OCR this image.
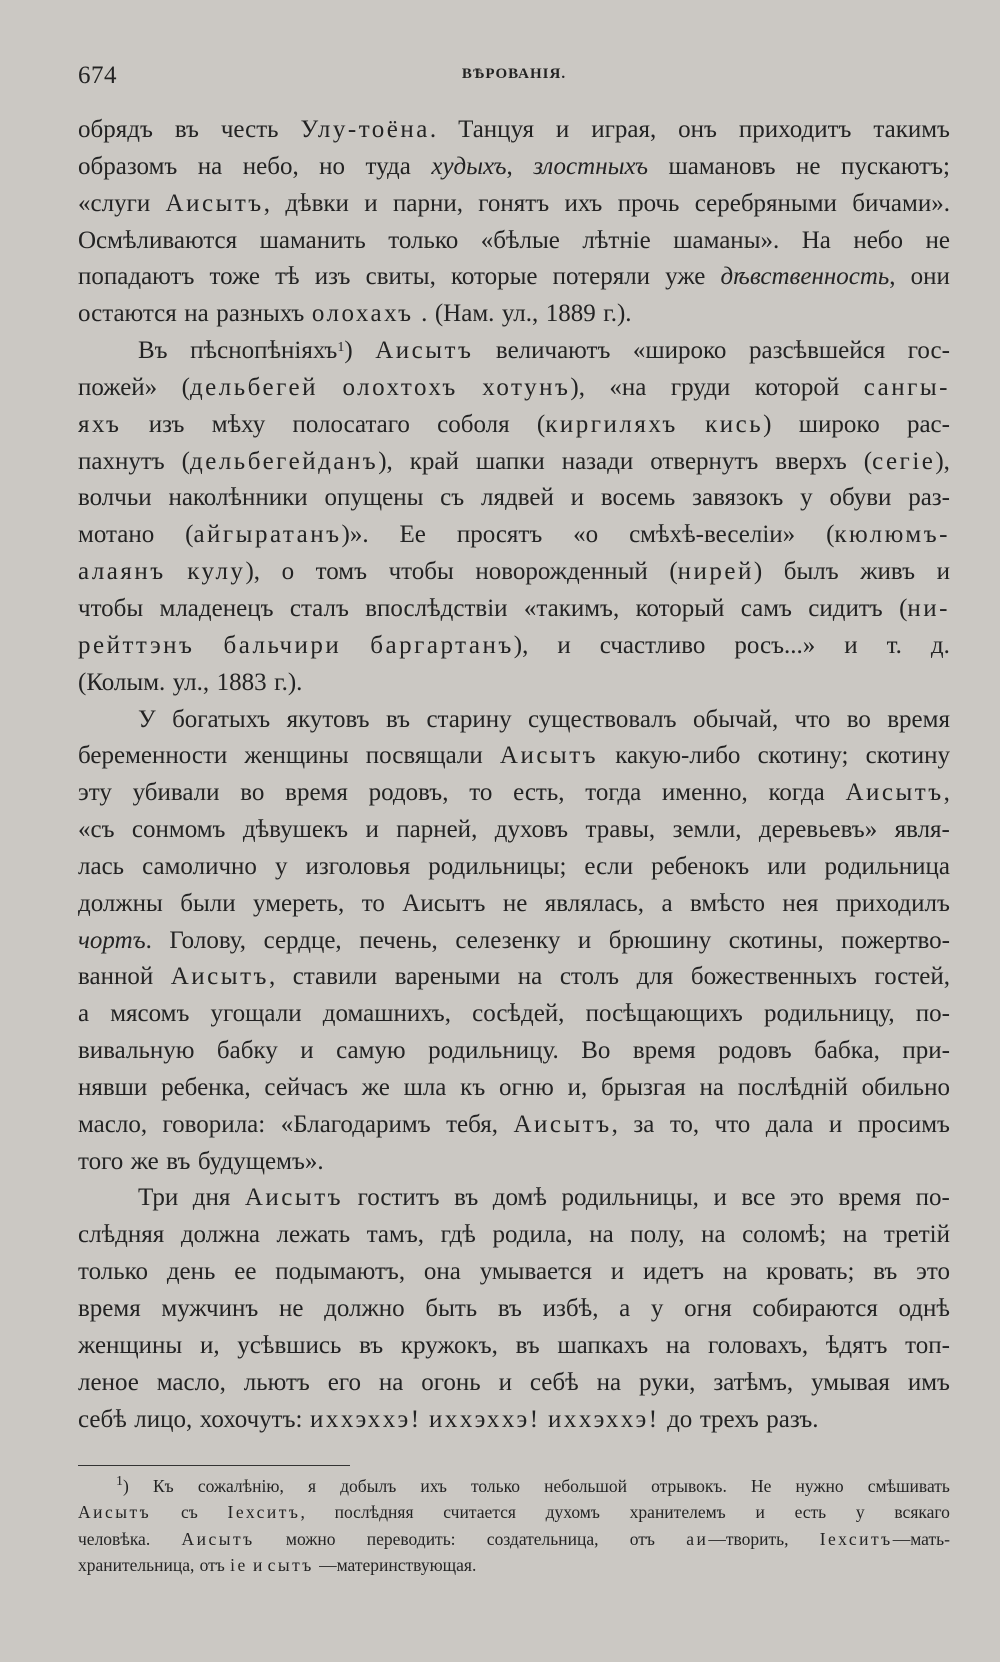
674	ВѢРОВАНІЯ.
обрядъ въ честь Улу-тоёна. Танцуя и играя, онъ приходитъ такимъ
образомъ на небо, но туда худыхъ, злостныхъ шамановъ не пускаютъ;
«слуги Аисытъ, дѣвки и парни, гонятъ ихъ прочь серебряными бичами».
Осмѣливаются шаманить только «бѣлые лѣтніе шаманы». На небо не
попадаютъ тоже тѣ изъ свиты, которые потеряли уже дѣвственность, они
остаются на разныхъ олохахъ . (Нам. ул., 1889 г.).
Въ пѣснопѣніяхъ$^1$) Аисытъ величаютъ «широко разсѣвшейся гос-
пожей» (дельбегей олохтохъ хотунъ), «на груди которой сангы-
яхъ изъ мѣху полосатаго соболя (киргиляхъ кись) широко рас-
пахнутъ (дельбегейданъ), край шапки назади отвернутъ вверхъ (сегіе),
волчьи наколѣнники опущены съ лядвей и восемь завязокъ у обуви раз-
мотано (айгыратанъ)». Ее просятъ «о смѣхѣ-веселіи» (кюлюмъ-
алаянъ кулу), о томъ чтобы новорожденный (нирей) былъ живъ и
чтобы младенецъ сталъ впослѣдствіи «такимъ, который самъ сидитъ (ни-
рейттэнъ бальчири баргартанъ), и счастливо росъ...» и т. д.
(Колым. ул., 1883 г.).
У богатыхъ якутовъ въ старину существовалъ обычай, что во время
беременности женщины посвящали Аисытъ какую-либо скотину; скотину
эту убивали во время родовъ, то есть, тогда именно, когда Аисытъ,
«съ сонмомъ дѣвушекъ и парней, духовъ травы, земли, деревьевъ» явля-
лась самолично у изголовья родильницы; если ребенокъ или родильница
должны были умереть, то Аисытъ не являлась, а вмѣсто нея приходилъ
чортъ. Голову, сердце, печень, селезенку и брюшину скотины, пожертво-
ванной Аисытъ, ставили вареными на столъ для божественныхъ гостей,
а мясомъ угощали домашнихъ, сосѣдей, посѣщающихъ родильницу, по-
вивальную бабку и самую родильницу. Во время родовъ бабка, при-
нявши ребенка, сейчасъ же шла къ огню и, брызгая на послѣдній обильно
масло, говорила: «Благодаримъ тебя, Аисытъ, за то, что дала и просимъ
того же въ будущемъ».
Три дня Аисытъ гоститъ въ домѣ родильницы, и все это время по-
слѣдняя должна лежать тамъ, гдѣ родила, на полу, на соломѣ; на третій
только день ее подымаютъ, она умывается и идетъ на кровать; въ это
время мужчинъ не должно быть въ избѣ, а у огня собираются однѣ
женщины и, усѣвшись въ кружокъ, въ шапкахъ на головахъ, ѣдятъ топ-
леное масло, льютъ его на огонь и себѣ на руки, затѣмъ, умывая имъ
себѣ лицо, хохочутъ: иххэххэ! иххэххэ! иххэххэ! до трехъ разъ.
$^1$) Къ сожалѣнію, я добылъ ихъ только небольшой отрывокъ. Не нужно смѣшивать
Аисытъ съ Іехситъ, послѣдняя считается духомъ хранителемъ и есть у всякаго
человѣка. Аисытъ можно переводить: создательница, отъ аи—творить, Іехситъ—мать-
хранительница, отъ іе и сытъ —материнствующая.
